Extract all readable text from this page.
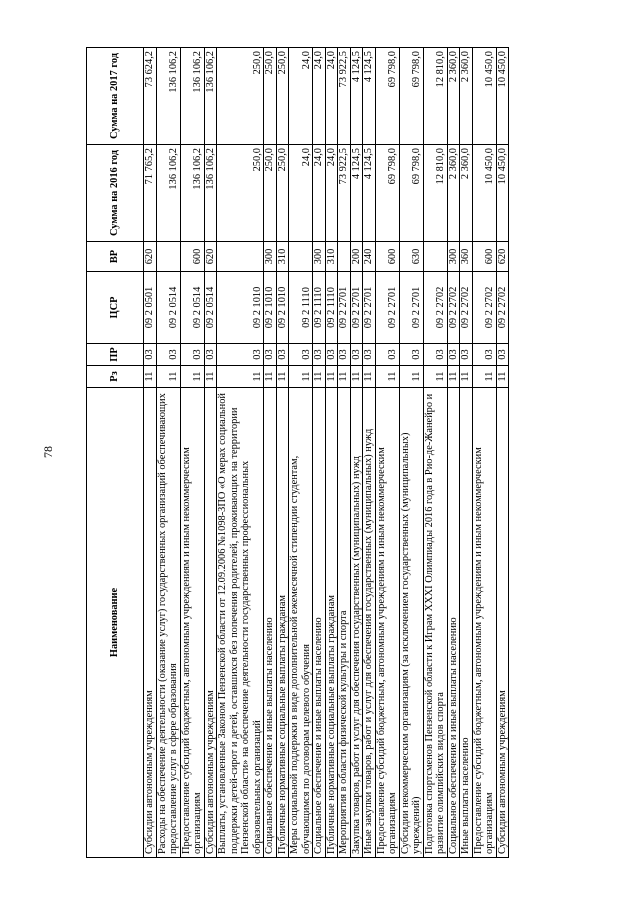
78
Наименование	Рз	ПР	ЦСР	ВР	Сумма на 2016 год	Сумма на 2017 год
Субсидии автономным учреждениям	11	03	09 2 0501	620	71 765,2	73 624,2
Расходы на обеспечение деятельности (оказание услуг) государственных организаций обеспечивающих предоставление услуг в сфере образования	11	03	09 2 0514		136 106,2	136 106,2
Предоставление субсидий бюджетным, автономным учреждениям и иным некоммерческим организациям	11	03	09 2 0514	600	136 106,2	136 106,2
Субсидии автономным учреждениям	11	03	09 2 0514	620	136 106,2	136 106,2
Выплаты, установленные Законом Пензенской области от 12.09.2006 №1098-ЗПО «О мерах социальной поддержки детей-сирот и детей, оставшихся без попечения родителей, проживающих на территории Пензенской области» на обеспечение деятельности государственных профессиональных образовательных организаций	11	03	09 2 1010		250,0	250,0
Социальное обеспечение и иные выплаты населению	11	03	09 2 1010	300	250,0	250,0
Публичные нормативные социальные выплаты гражданам	11	03	09 2 1010	310	250,0	250,0
Меры социальной поддержки в виде дополнительной ежемесячной стипендии студентам, обучающимся по договорам целевого обучения	11	03	09 2 1110		24,0	24,0
Социальное обеспечение и иные выплаты населению	11	03	09 2 1110	300	24,0	24,0
Публичные нормативные социальные выплаты гражданам	11	03	09 2 1110	310	24,0	24,0
Мероприятия в области физической культуры и спорта	11	03	09 2 2701		73 922,5	73 922,5
Закупка товаров, работ и услуг для обеспечения государственных (муниципальных) нужд	11	03	09 2 2701	200	4 124,5	4 124,5
Иные закупки товаров, работ и услуг для обеспечения государственных (муниципальных) нужд	11	03	09 2 2701	240	4 124,5	4 124,5
Предоставление субсидий бюджетным, автономным учреждениям и иным некоммерческим организациям	11	03	09 2 2701	600	69 798,0	69 798,0
Субсидии некоммерческим организациям (за исключением государственных (муниципальных) учреждений)	11	03	09 2 2701	630	69 798,0	69 798,0
Подготовка спортсменов Пензенской области к Играм XXXI Олимпиады 2016 года в Рио-де-Жанейро и развитие олимпийских видов спорта	11	03	09 2 2702		12 810,0	12 810,0
Социальное обеспечение и иные выплаты населению	11	03	09 2 2702	300	2 360,0	2 360,0
Иные выплаты населению	11	03	09 2 2702	360	2 360,0	2 360,0
Предоставление субсидий бюджетным, автономным учреждениям и иным некоммерческим организациям	11	03	09 2 2702	600	10 450,0	10 450,0
Субсидии автономным учреждениям	11	03	09 2 2702	620	10 450,0	10 450,0
